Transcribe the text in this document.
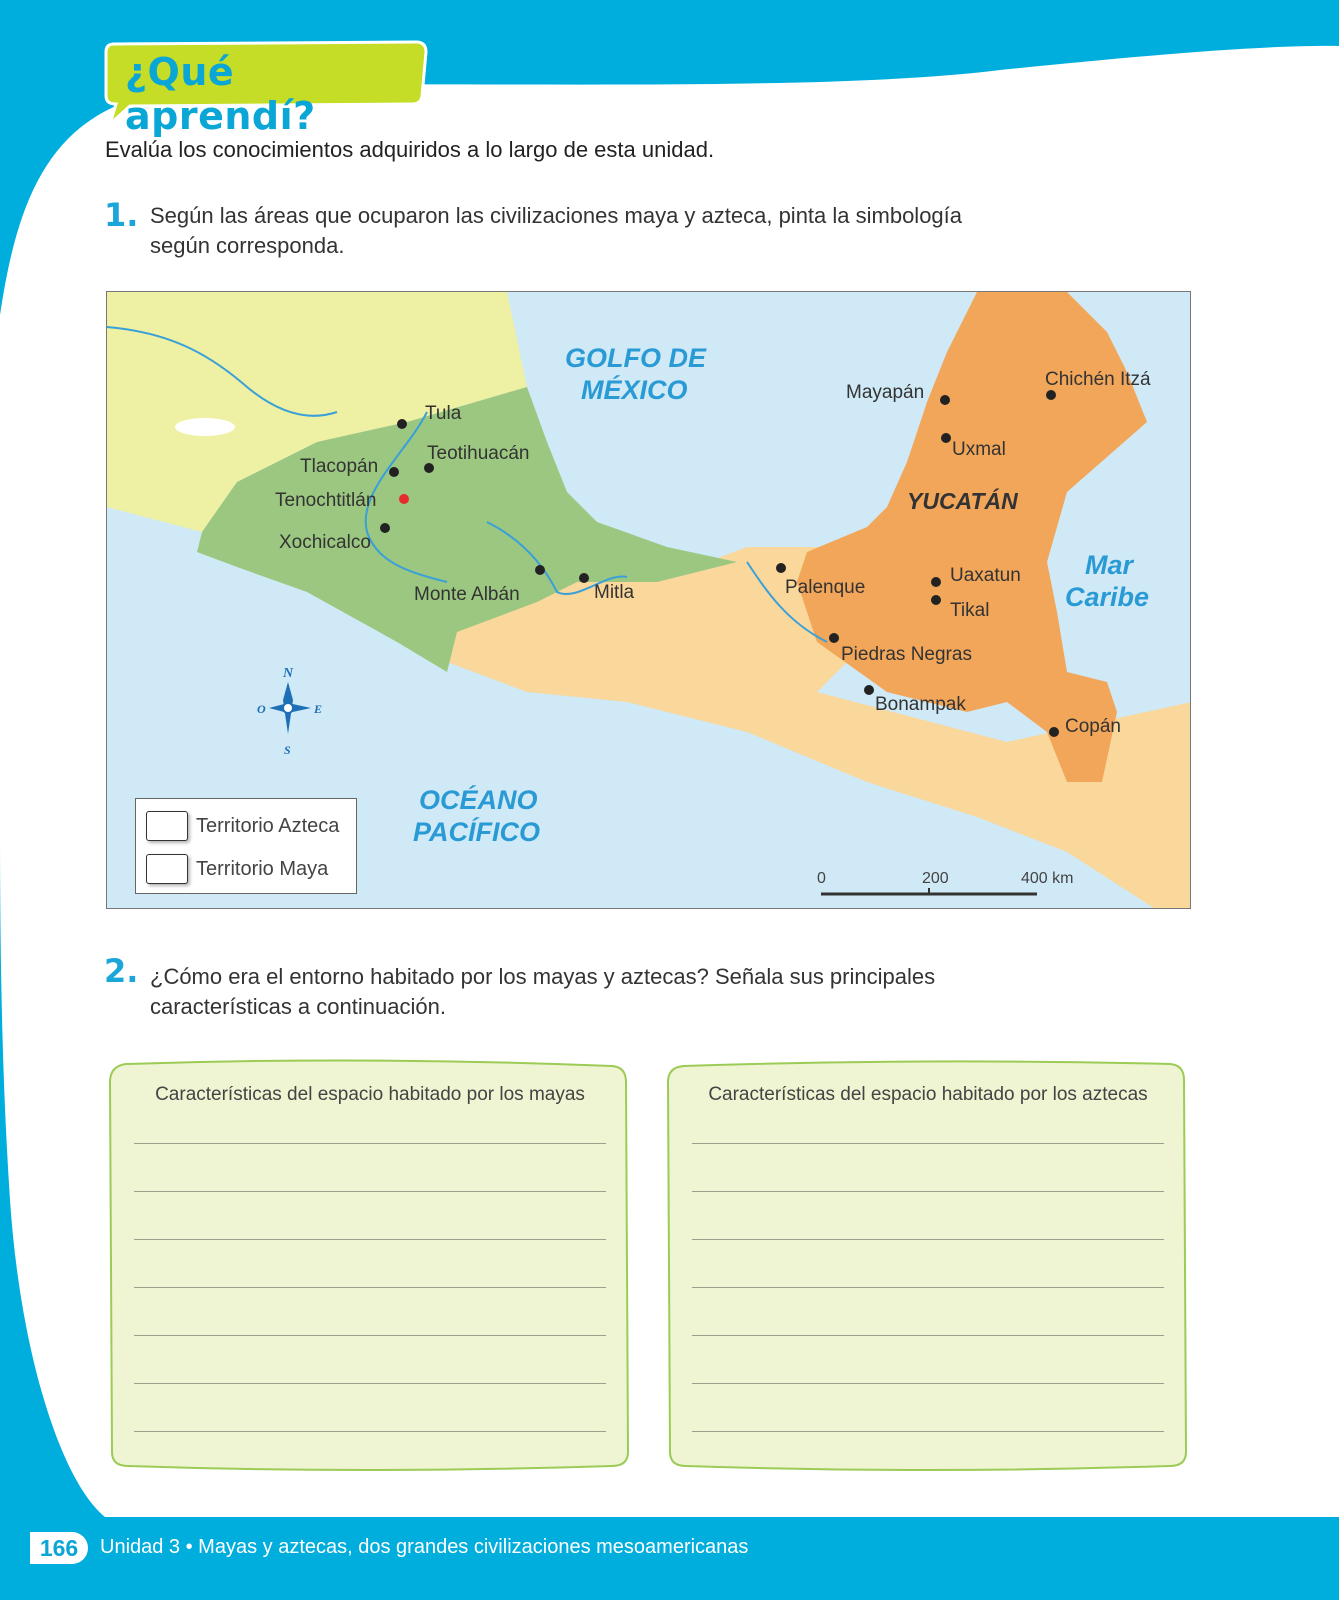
¿Qué aprendí?
Evalúa los conocimientos adquiridos a lo largo de esta unidad.
1. Según las áreas que ocuparon las civilizaciones maya y azteca, pinta la simbología según corresponda.
GOLFO DE
MÉXICO
Mar
Caribe
OCÉANO
PACÍFICO
YUCATÁN
Tula
Teotihuacán
Tlacopán
Tenochtitlán
Xochicalco
Monte Albán	Mitla
Mayapán
Chichén Itzá
Uxmal
Palenque
Uaxatun
Tikal
Piedras Negras
Bonampak
Copán
N
S
E
O
0	200	400 km
Territorio Azteca
Territorio Maya
2. ¿Cómo era el entorno habitado por los mayas y aztecas? Señala sus principales características a continuación.
Características del espacio habitado por los mayas	Características del espacio habitado por los aztecas
166	Unidad 3 • Mayas y aztecas, dos grandes civilizaciones mesoamericanas
